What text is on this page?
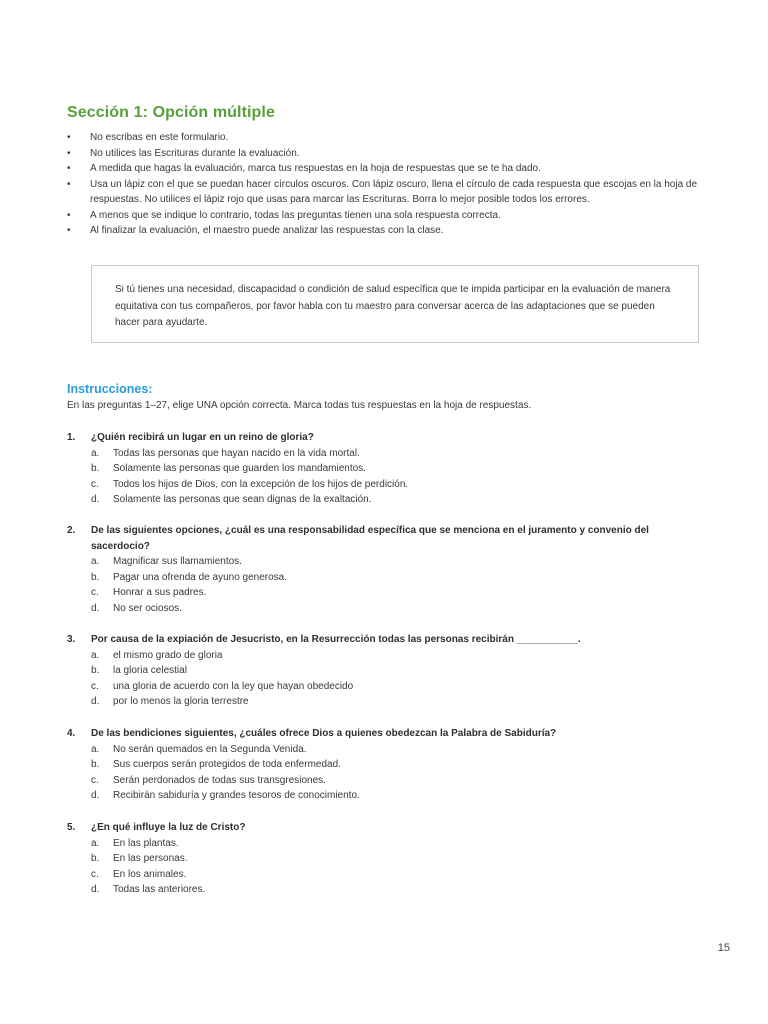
Sección 1: Opción múltiple
•	No escribas en este formulario.
•	No utilices las Escrituras durante la evaluación.
•	A medida que hagas la evaluación, marca tus respuestas en la hoja de respuestas que se te ha dado.
•	Usa un lápiz con el que se puedan hacer círculos oscuros. Con lápiz oscuro, llena el círculo de cada respuesta que escojas en la hoja de respuestas. No utilices el lápiz rojo que usas para marcar las Escrituras. Borra lo mejor posible todos los errores.
•	A menos que se indique lo contrario, todas las preguntas tienen una sola respuesta correcta.
•	Al finalizar la evaluación, el maestro puede analizar las respuestas con la clase.
Si tú tienes una necesidad, discapacidad o condición de salud específica que te impida participar en la evaluación de manera equitativa con tus compañeros, por favor habla con tu maestro para conversar acerca de las adaptaciones que se pueden hacer para ayudarte.
Instrucciones:
En las preguntas 1–27, elige UNA opción correcta. Marca todas tus respuestas en la hoja de respuestas.
1. ¿Quién recibirá un lugar en un reino de gloria?
a. Todas las personas que hayan nacido en la vida mortal.
b. Solamente las personas que guarden los mandamientos.
c. Todos los hijos de Dios, con la excepción de los hijos de perdición.
d. Solamente las personas que sean dignas de la exaltación.
2. De las siguientes opciones, ¿cuál es una responsabilidad específica que se menciona en el juramento y convenio del sacerdocio?
a. Magnificar sus llamamientos.
b. Pagar una ofrenda de ayuno generosa.
c. Honrar a sus padres.
d. No ser ociosos.
3. Por causa de la expiación de Jesucristo, en la Resurrección todas las personas recibirán ___________.
a. el mismo grado de gloria
b. la gloria celestial
c. una gloria de acuerdo con la ley que hayan obedecido
d. por lo menos la gloria terrestre
4. De las bendiciones siguientes, ¿cuáles ofrece Dios a quienes obedezcan la Palabra de Sabiduría?
a. No serán quemados en la Segunda Venida.
b. Sus cuerpos serán protegidos de toda enfermedad.
c. Serán perdonados de todas sus transgresiones.
d. Recibirán sabiduría y grandes tesoros de conocimiento.
5. ¿En qué influye la luz de Cristo?
a. En las plantas.
b. En las personas.
c. En los animales.
d. Todas las anteriores.
15
